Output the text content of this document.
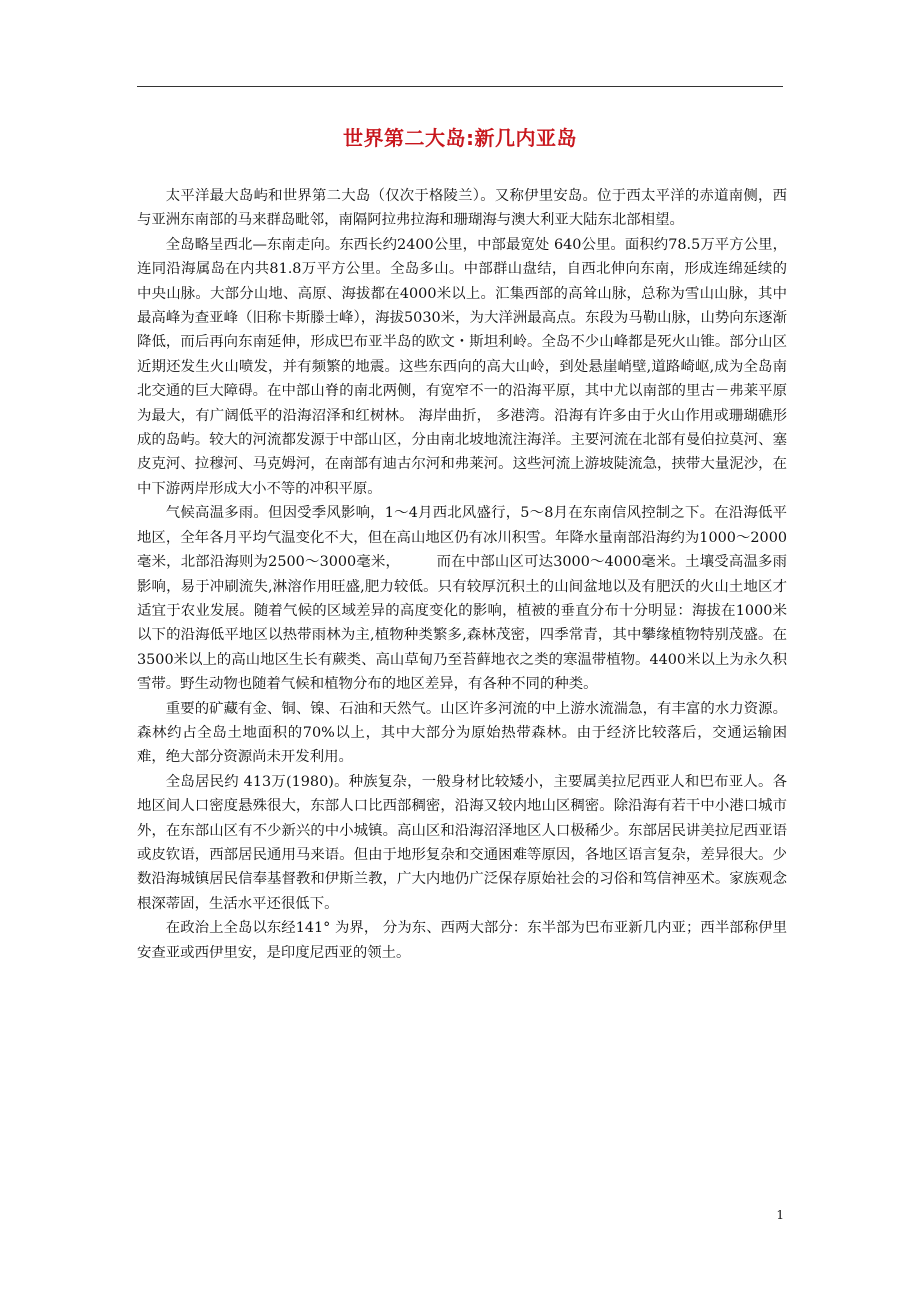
世界第二大岛:新几内亚岛

太平洋最大岛屿和世界第二大岛（仅次于格陵兰）。又称伊里安岛。位于西太平洋的赤道南侧，西与亚洲东南部的马来群岛毗邻，南隔阿拉弗拉海和珊瑚海与澳大利亚大陆东北部相望。

全岛略呈西北—东南走向。东西长约2400公里，中部最宽处 640公里。面积约78.5万平方公里，连同沿海属岛在内共81.8万平方公里。全岛多山。中部群山盘结，自西北伸向东南，形成连绵延续的中央山脉。大部分山地、高原、海拔都在4000米以上。汇集西部的高耸山脉，总称为雪山山脉，其中最高峰为查亚峰（旧称卡斯滕士峰），海拔5030米，为大洋洲最高点。东段为马勒山脉，山势向东逐渐降低，而后再向东南延伸，形成巴布亚半岛的欧文・斯坦利岭。全岛不少山峰都是死火山锥。部分山区近期还发生火山喷发，并有频繁的地震。这些东西向的高大山岭，到处悬崖峭壁,道路崎岖,成为全岛南北交通的巨大障碍。在中部山脊的南北两侧，有宽窄不一的沿海平原，其中尤以南部的里古－弗莱平原为最大，有广阔低平的沿海沼泽和红树林。 海岸曲折， 多港湾。沿海有许多由于火山作用或珊瑚礁形成的岛屿。较大的河流都发源于中部山区，分由南北坡地流注海洋。主要河流在北部有曼伯拉莫河、塞皮克河、拉穆河、马克姆河，在南部有迪古尔河和弗莱河。这些河流上游坡陡流急，挟带大量泥沙，在中下游两岸形成大小不等的冲积平原。

气候高温多雨。但因受季风影响，1～4月西北风盛行，5～8月在东南信风控制之下。在沿海低平地区，全年各月平均气温变化不大，但在高山地区仍有冰川积雪。年降水量南部沿海约为1000～2000毫米，北部沿海则为2500～3000毫米，　　　而在中部山区可达3000～4000毫米。土壤受高温多雨影响，易于冲刷流失,淋溶作用旺盛,肥力较低。只有较厚沉积土的山间盆地以及有肥沃的火山土地区才适宜于农业发展。随着气候的区域差异的高度变化的影响，植被的垂直分布十分明显：海拔在1000米以下的沿海低平地区以热带雨林为主,植物种类繁多,森林茂密，四季常青，其中攀缘植物特别茂盛。在3500米以上的高山地区生长有蕨类、高山草甸乃至苔藓地衣之类的寒温带植物。4400米以上为永久积雪带。野生动物也随着气候和植物分布的地区差异，有各种不同的种类。

重要的矿藏有金、铜、镍、石油和天然气。山区许多河流的中上游水流湍急，有丰富的水力资源。森林约占全岛土地面积的70%以上，其中大部分为原始热带森林。由于经济比较落后，交通运输困难，绝大部分资源尚未开发利用。

全岛居民约 413万(1980)。种族复杂，一般身材比较矮小，主要属美拉尼西亚人和巴布亚人。各地区间人口密度悬殊很大，东部人口比西部稠密，沿海又较内地山区稠密。除沿海有若干中小港口城市外，在东部山区有不少新兴的中小城镇。高山区和沿海沼泽地区人口极稀少。东部居民讲美拉尼西亚语或皮钦语，西部居民通用马来语。但由于地形复杂和交通困难等原因，各地区语言复杂，差异很大。少数沿海城镇居民信奉基督教和伊斯兰教，广大内地仍广泛保存原始社会的习俗和笃信神巫术。家族观念根深蒂固，生活水平还很低下。

在政治上全岛以东经141° 为界， 分为东、西两大部分：东半部为巴布亚新几内亚；西半部称伊里安查亚或西伊里安，是印度尼西亚的领土。

1
